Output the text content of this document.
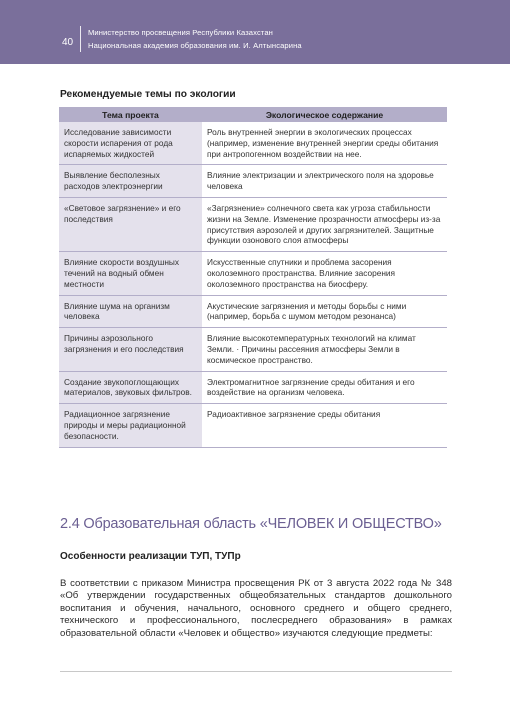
40
Министерство просвещения Республики Казахстан
Национальная академия образования им. И. Алтынсарина
Рекомендуемые темы по экологии
Тема проекта	Экологическое содержание
Исследование зависимости скорости испарения от рода испаряемых жидкостей	Роль внутренней энергии в экологических процессах (например, изменение внутренней энергии среды обитания при антропогенном воздействии на нее.
Выявление бесполезных расходов электроэнергии	Влияние электризации и электрического поля на здоровье человека
«Световое загрязнение» и его последствия	«Загрязнение» солнечного света как угроза стабильности жизни на Земле. Изменение прозрачности атмосферы из-за присутствия аэрозолей и других загрязнителей. Защитные функции озонового слоя атмосферы
Влияние скорости воздушных течений на водный обмен местности	Искусственные спутники и проблема засорения околоземного пространства. Влияние засорения околоземного пространства на биосферу.
Влияние шума на организм человека	Акустические загрязнения и методы борьбы с ними (например, борьба с шумом методом резонанса)
Причины аэрозольного загрязнения и его последствия	Влияние высокотемпературных технологий на климат Земли. · Причины рассеяния атмосферы Земли в космическое пространство.
Создание звукопоглощающих материалов, звуковых фильтров.	Электромагнитное загрязнение среды обитания и его воздействие на организм человека.
Радиационное загрязнение природы и меры радиационной безопасности.	Радиоактивное загрязнение среды обитания
2.4 Образовательная область «ЧЕЛОВЕК И ОБЩЕСТВО»
Особенности реализации ТУП, ТУПр
В соответствии с приказом Министра просвещения РК от 3 августа 2022 года № 348 «Об утверждении государственных общеобязательных стандартов дошкольного воспитания и обучения, начального, основного среднего и общего среднего, технического и профессионального, послесреднего образования» в рамках образовательной области «Человек и общество» изучаются следующие предметы:
